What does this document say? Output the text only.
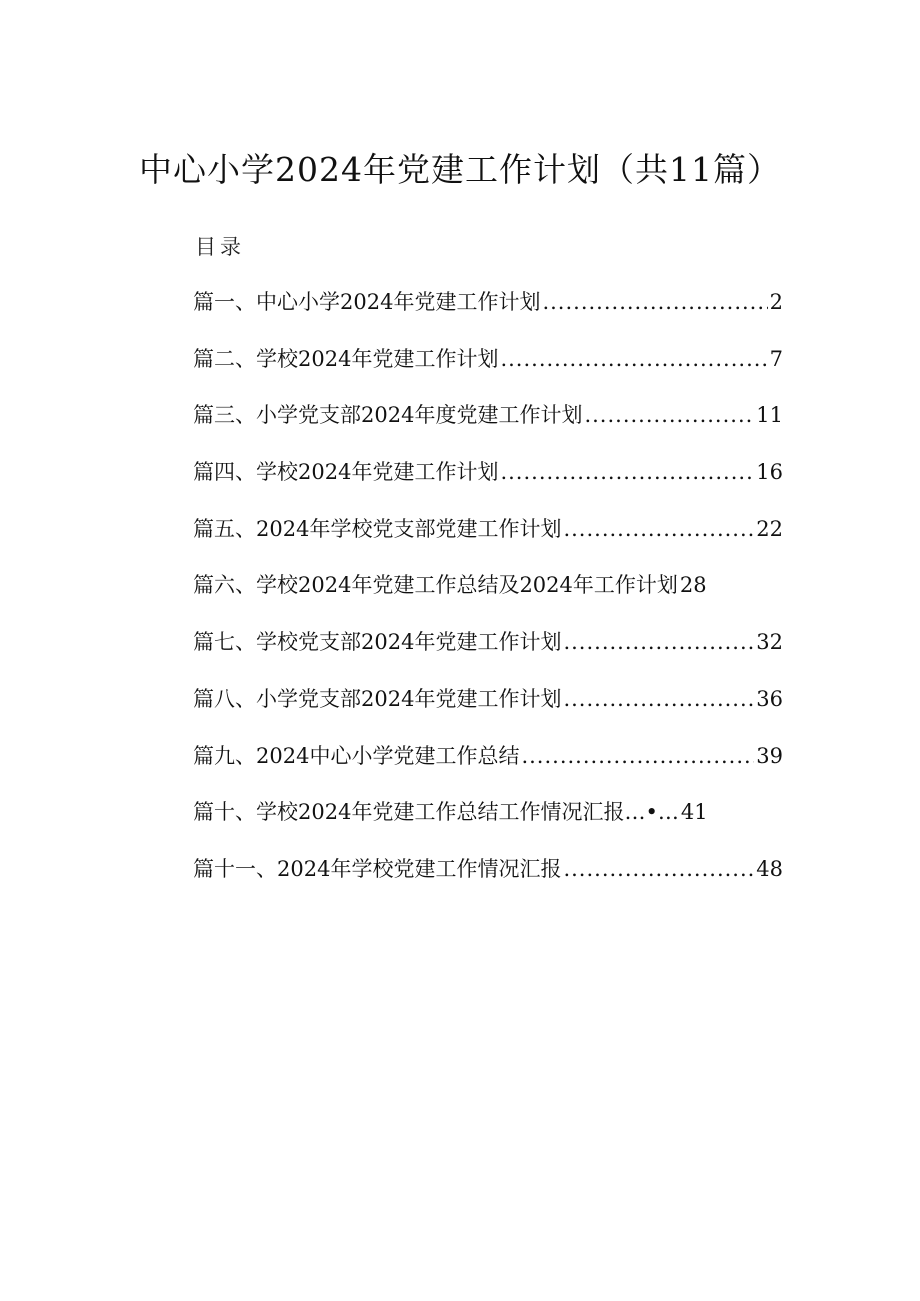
中心小学2024年党建工作计划（共11篇）
目录
篇一、中心小学2024年党建工作计划 .....	2
篇二、学校2024年党建工作计划 .....	7
篇三、小学党支部2024年度党建工作计划 .....	11
篇四、学校2024年党建工作计划 .....	16
篇五、2024年学校党支部党建工作计划 .....	22
篇六、学校2024年党建工作总结及2024年工作计划 28
篇七、学校党支部2024年党建工作计划 .....	32
篇八、小学党支部2024年党建工作计划 .....	36
篇九、2024中心小学党建工作总结 .....	39
篇十、学校2024年党建工作总结工作情况汇报…•… 41
篇十一、2024年学校党建工作情况汇报 .....	48
